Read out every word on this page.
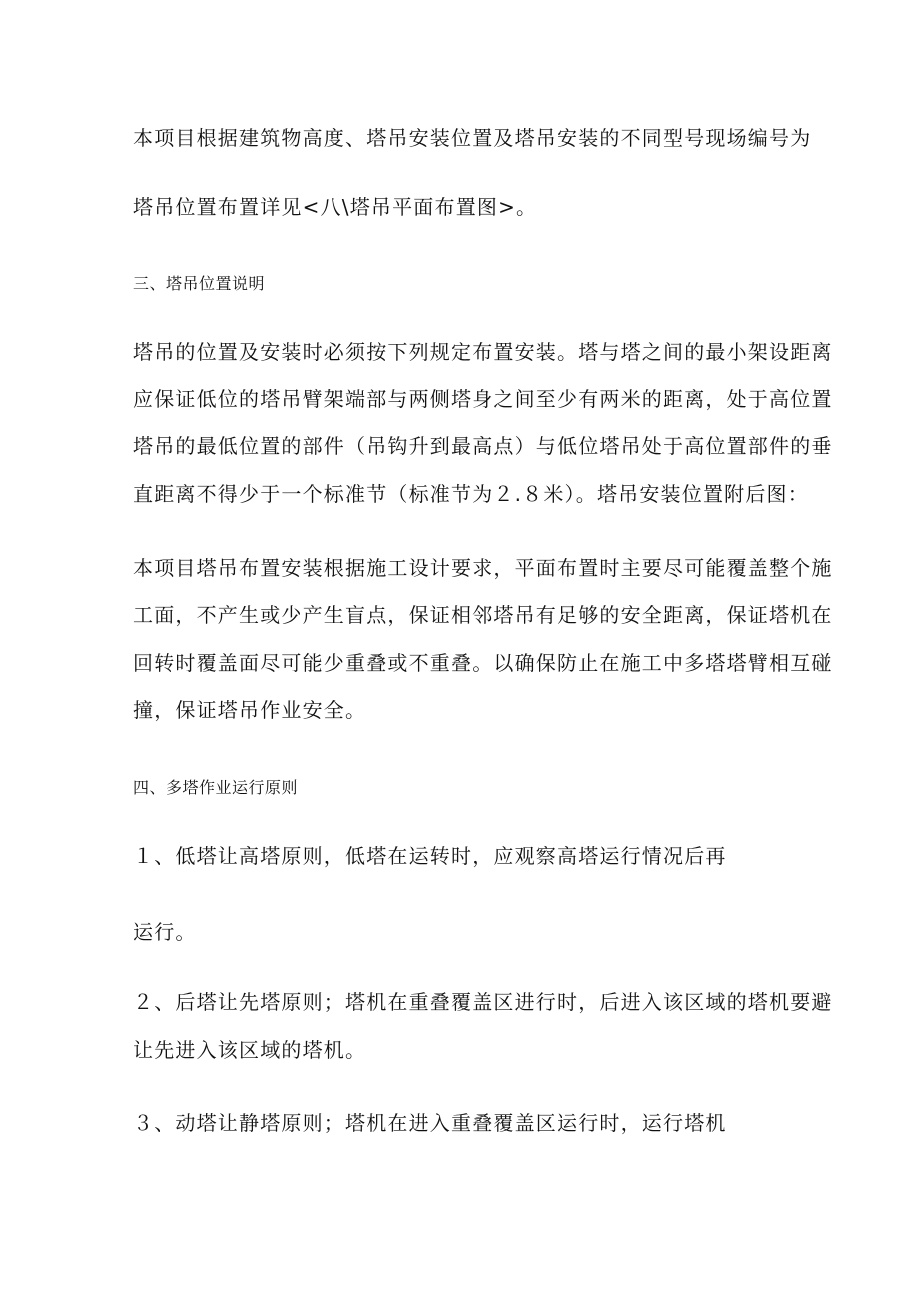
本项目根据建筑物高度、塔吊安装位置及塔吊安装的不同型号现场编号为
塔吊位置布置详见<八\塔吊平面布置图>。
三、塔吊位置说明
塔吊的位置及安装时必须按下列规定布置安装。塔与塔之间的最小架设距离
应保证低位的塔吊臂架端部与两侧塔身之间至少有两米的距离，处于高位置
塔吊的最低位置的部件（吊钩升到最高点）与低位塔吊处于高位置部件的垂
直距离不得少于一个标准节（标准节为２.８米）。塔吊安装位置附后图：
本项目塔吊布置安装根据施工设计要求，平面布置时主要尽可能覆盖整个施
工面，不产生或少产生盲点，保证相邻塔吊有足够的安全距离，保证塔机在
回转时覆盖面尽可能少重叠或不重叠。以确保防止在施工中多塔塔臂相互碰
撞，保证塔吊作业安全。
四、多塔作业运行原则
１、低塔让高塔原则，低塔在运转时，应观察高塔运行情况后再
运行。
２、后塔让先塔原则；塔机在重叠覆盖区进行时，后进入该区域的塔机要避
让先进入该区域的塔机。
３、动塔让静塔原则；塔机在进入重叠覆盖区运行时，运行塔机
